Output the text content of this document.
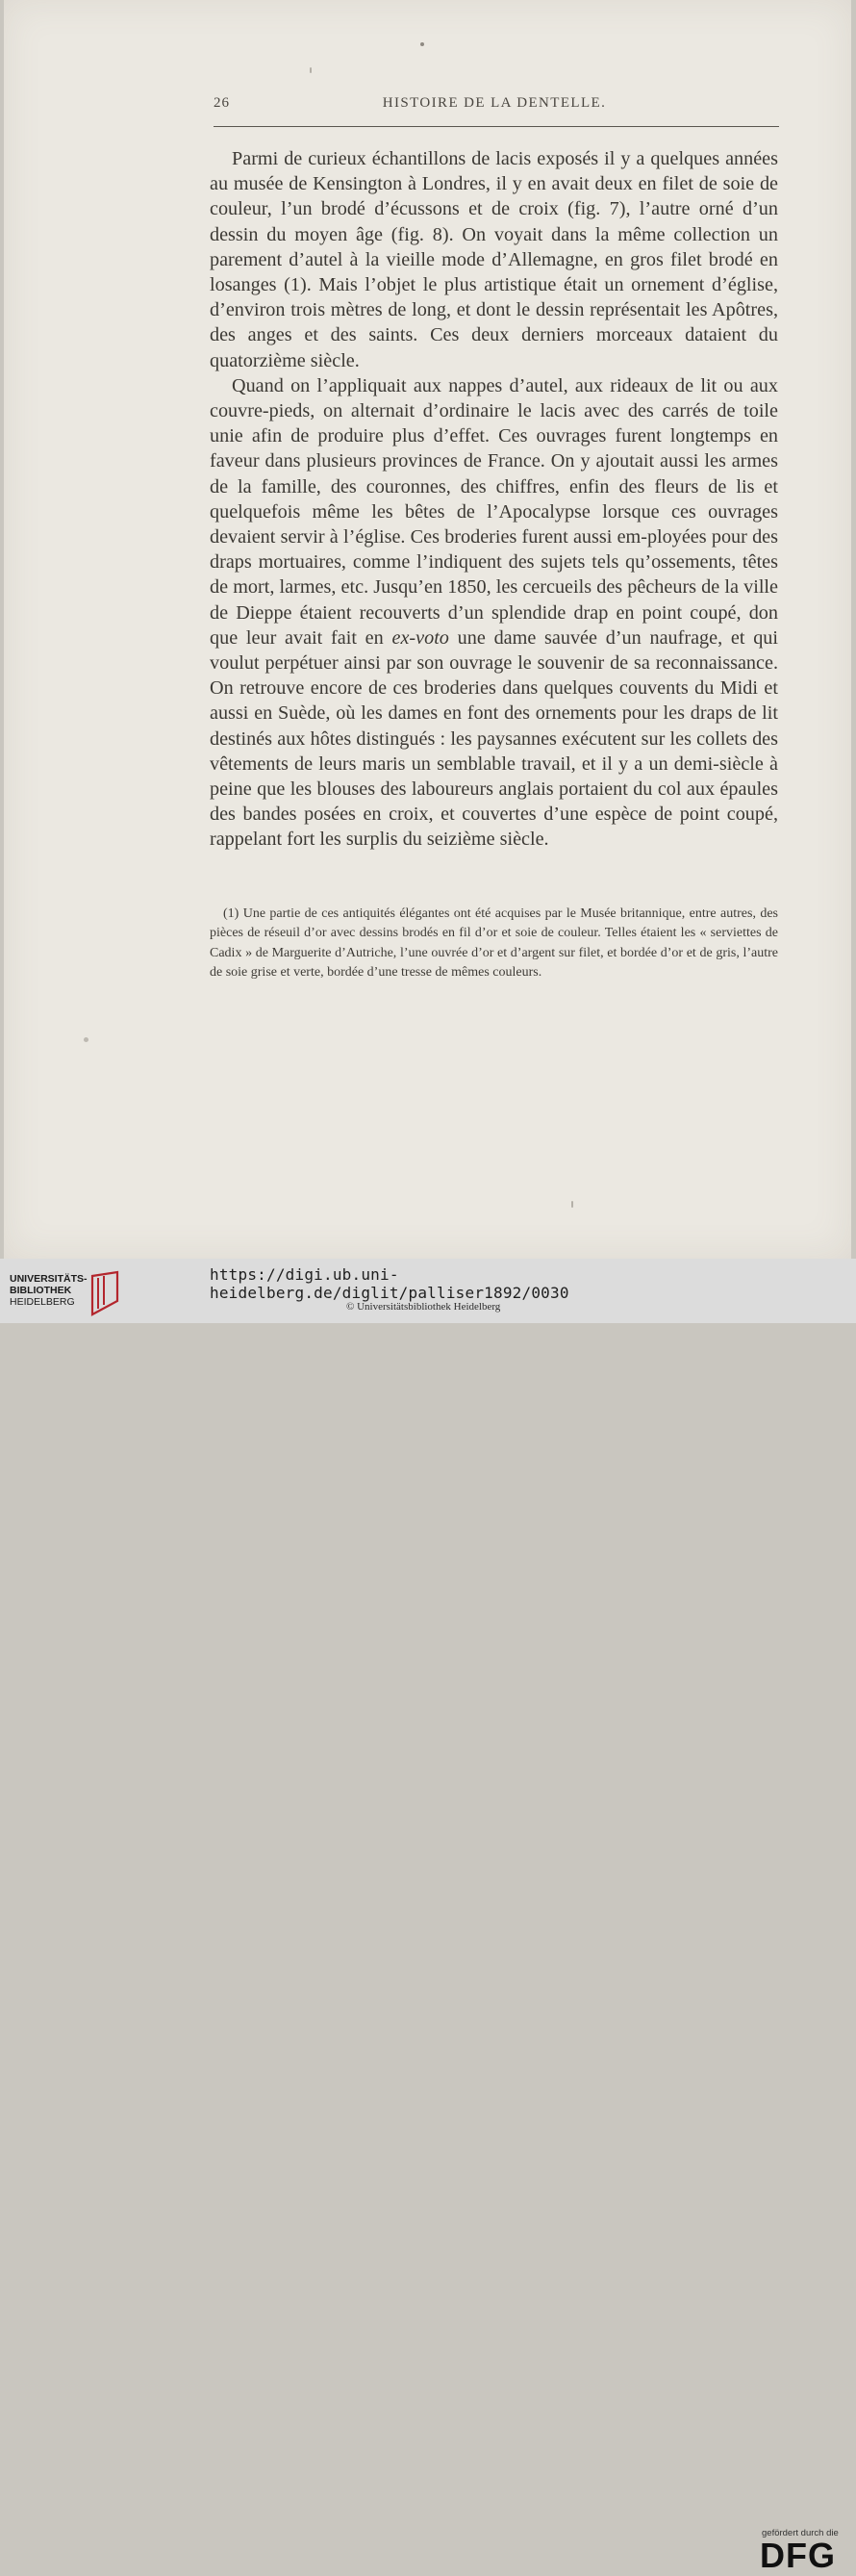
26	HISTOIRE DE LA DENTELLE.

Parmi de curieux échantillons de lacis exposés il y a quelques années au musée de Kensington à Londres, il y en avait deux en filet de soie de couleur, l’un brodé d’écussons et de croix (fig. 7), l’autre orné d’un dessin du moyen âge (fig. 8). On voyait dans la même collection un parement d’autel à la vieille mode d’Allemagne, en gros filet brodé en losanges (1). Mais l’objet le plus artistique était un ornement d’église, d’environ trois mètres de long, et dont le dessin représentait les Apôtres, des anges et des saints. Ces deux derniers morceaux dataient du quatorzième siècle.

Quand on l’appliquait aux nappes d’autel, aux rideaux de lit ou aux couvre-pieds, on alternait d’ordinaire le lacis avec des carrés de toile unie afin de produire plus d’effet. Ces ouvrages furent longtemps en faveur dans plusieurs provinces de France. On y ajoutait aussi les armes de la famille, des couronnes, des chiffres, enfin des fleurs de lis et quelquefois même les bêtes de l’Apocalypse lorsque ces ouvrages devaient servir à l’église. Ces broderies furent aussi em-ployées pour des draps mortuaires, comme l’indiquent des sujets tels qu’ossements, têtes de mort, larmes, etc. Jusqu’en 1850, les cercueils des pêcheurs de la ville de Dieppe étaient recouverts d’un splendide drap en point coupé, don que leur avait fait en ex-voto une dame sauvée d’un naufrage, et qui voulut perpétuer ainsi par son ouvrage le souvenir de sa reconnaissance. On retrouve encore de ces broderies dans quelques couvents du Midi et aussi en Suède, où les dames en font des ornements pour les draps de lit destinés aux hôtes distingués : les paysannes exécutent sur les collets des vêtements de leurs maris un semblable travail, et il y a un demi-siècle à peine que les blouses des laboureurs anglais portaient du col aux épaules des bandes posées en croix, et couvertes d’une espèce de point coupé, rappelant fort les surplis du seizième siècle.

(1) Une partie de ces antiquités élégantes ont été acquises par le Musée britannique, entre autres, des pièces de réseuil d’or avec dessins brodés en fil d’or et soie de couleur. Telles étaient les « serviettes de Cadix » de Marguerite d’Autriche, l’une ouvrée d’or et d’argent sur filet, et bordée d’or et de gris, l’autre de soie grise et verte, bordée d’une tresse de mêmes couleurs.

UNIVERSITÄTS-
BIBLIOTHEK
HEIDELBERG
gefördert durch die
DFG
https://digi.ub.uni-heidelberg.de/diglit/palliser1892/0030
© Universitätsbibliothek Heidelberg
